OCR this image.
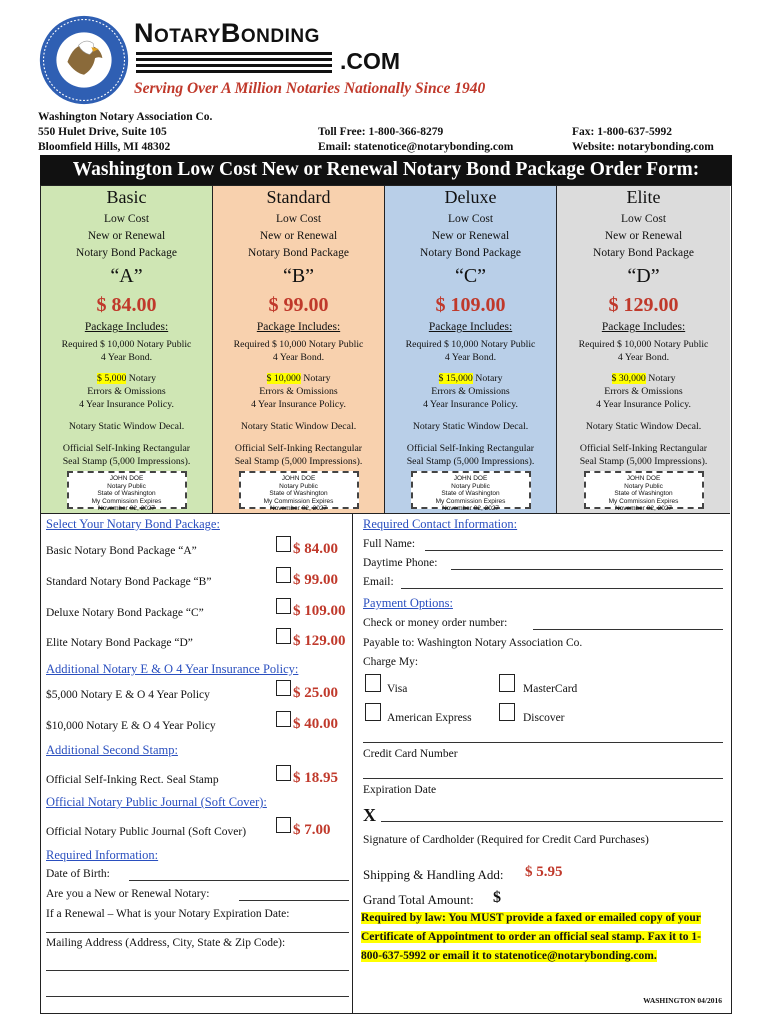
NotaryBonding
.COM
Serving Over A Million Notaries Nationally Since 1940
Washington Notary Association Co.
550 Hulet Drive, Suite 105
Bloomfield Hills, MI 48302
Toll Free: 1-800-366-8279
Email: statenotice@notarybonding.com
Fax: 1-800-637-5992
Website: notarybonding.com
Washington Low Cost New or Renewal Notary Bond Package Order Form:
Basic
Low Cost
New or Renewal
Notary Bond Package
“A”
$ 84.00
Package Includes:
Required $ 10,000 Notary Public
4 Year Bond.
$ 5,000 Notary
Errors & Omissions
4 Year Insurance Policy.
Notary Static Window Decal.
Official Self-Inking Rectangular
Seal Stamp (5,000 Impressions).
JOHN DOE
Notary Public
State of Washington
My Commission Expires
November 02, 2027
Standard
Low Cost
New or Renewal
Notary Bond Package
“B”
$ 99.00
Package Includes:
Required $ 10,000 Notary Public
4 Year Bond.
$ 10,000 Notary
Errors & Omissions
4 Year Insurance Policy.
Notary Static Window Decal.
Official Self-Inking Rectangular
Seal Stamp (5,000 Impressions).
JOHN DOE
Notary Public
State of Washington
My Commission Expires
November 02, 2027
Deluxe
Low Cost
New or Renewal
Notary Bond Package
“C”
$ 109.00
Package Includes:
Required $ 10,000 Notary Public
4 Year Bond.
$ 15,000 Notary
Errors & Omissions
4 Year Insurance Policy.
Notary Static Window Decal.
Official Self-Inking Rectangular
Seal Stamp (5,000 Impressions).
JOHN DOE
Notary Public
State of Washington
My Commission Expires
November 02, 2027
Elite
Low Cost
New or Renewal
Notary Bond Package
“D”
$ 129.00
Package Includes:
Required $ 10,000 Notary Public
4 Year Bond.
$ 30,000 Notary
Errors & Omissions
4 Year Insurance Policy.
Notary Static Window Decal.
Official Self-Inking Rectangular
Seal Stamp (5,000 Impressions).
JOHN DOE
Notary Public
State of Washington
My Commission Expires
November 02, 2027
Select Your Notary Bond Package:
Basic Notary Bond Package “A”	$ 84.00
Standard Notary Bond Package “B”	$ 99.00
Deluxe Notary Bond Package “C”	$ 109.00
Elite Notary Bond Package “D”	$ 129.00
$5,000 Notary E & O 4 Year Policy	$ 25.00
$10,000 Notary E & O 4 Year Policy	$ 40.00
Additional Notary E & O 4 Year Insurance Policy:
Additional Second Stamp:
Official Self-Inking Rect. Seal Stamp	$ 18.95
Official Notary Public Journal (Soft Cover):
Official Notary Public Journal (Soft Cover)	$ 7.00
Required Information:
Date of Birth:
Are you a New or Renewal Notary:
If a Renewal – What is your Notary Expiration Date:
Mailing Address (Address, City, State & Zip Code):
Required Contact Information:
Full Name:
Daytime Phone:
Email:
Payment Options:
Check or money order number:
Payable to: Washington Notary Association Co.
Charge My:
Visa	MasterCard
American Express	Discover
Credit Card Number
Expiration Date
X
Signature of Cardholder (Required for Credit Card Purchases)
Shipping & Handling Add: $ 5.95
Grand Total Amount: $
Required by law: You MUST provide a faxed or emailed copy of your Certificate of Appointment to order an official seal stamp. Fax it to 1-800-637-5992 or email it to statenotice@notarybonding.com.
WASHINGTON 04/2016
